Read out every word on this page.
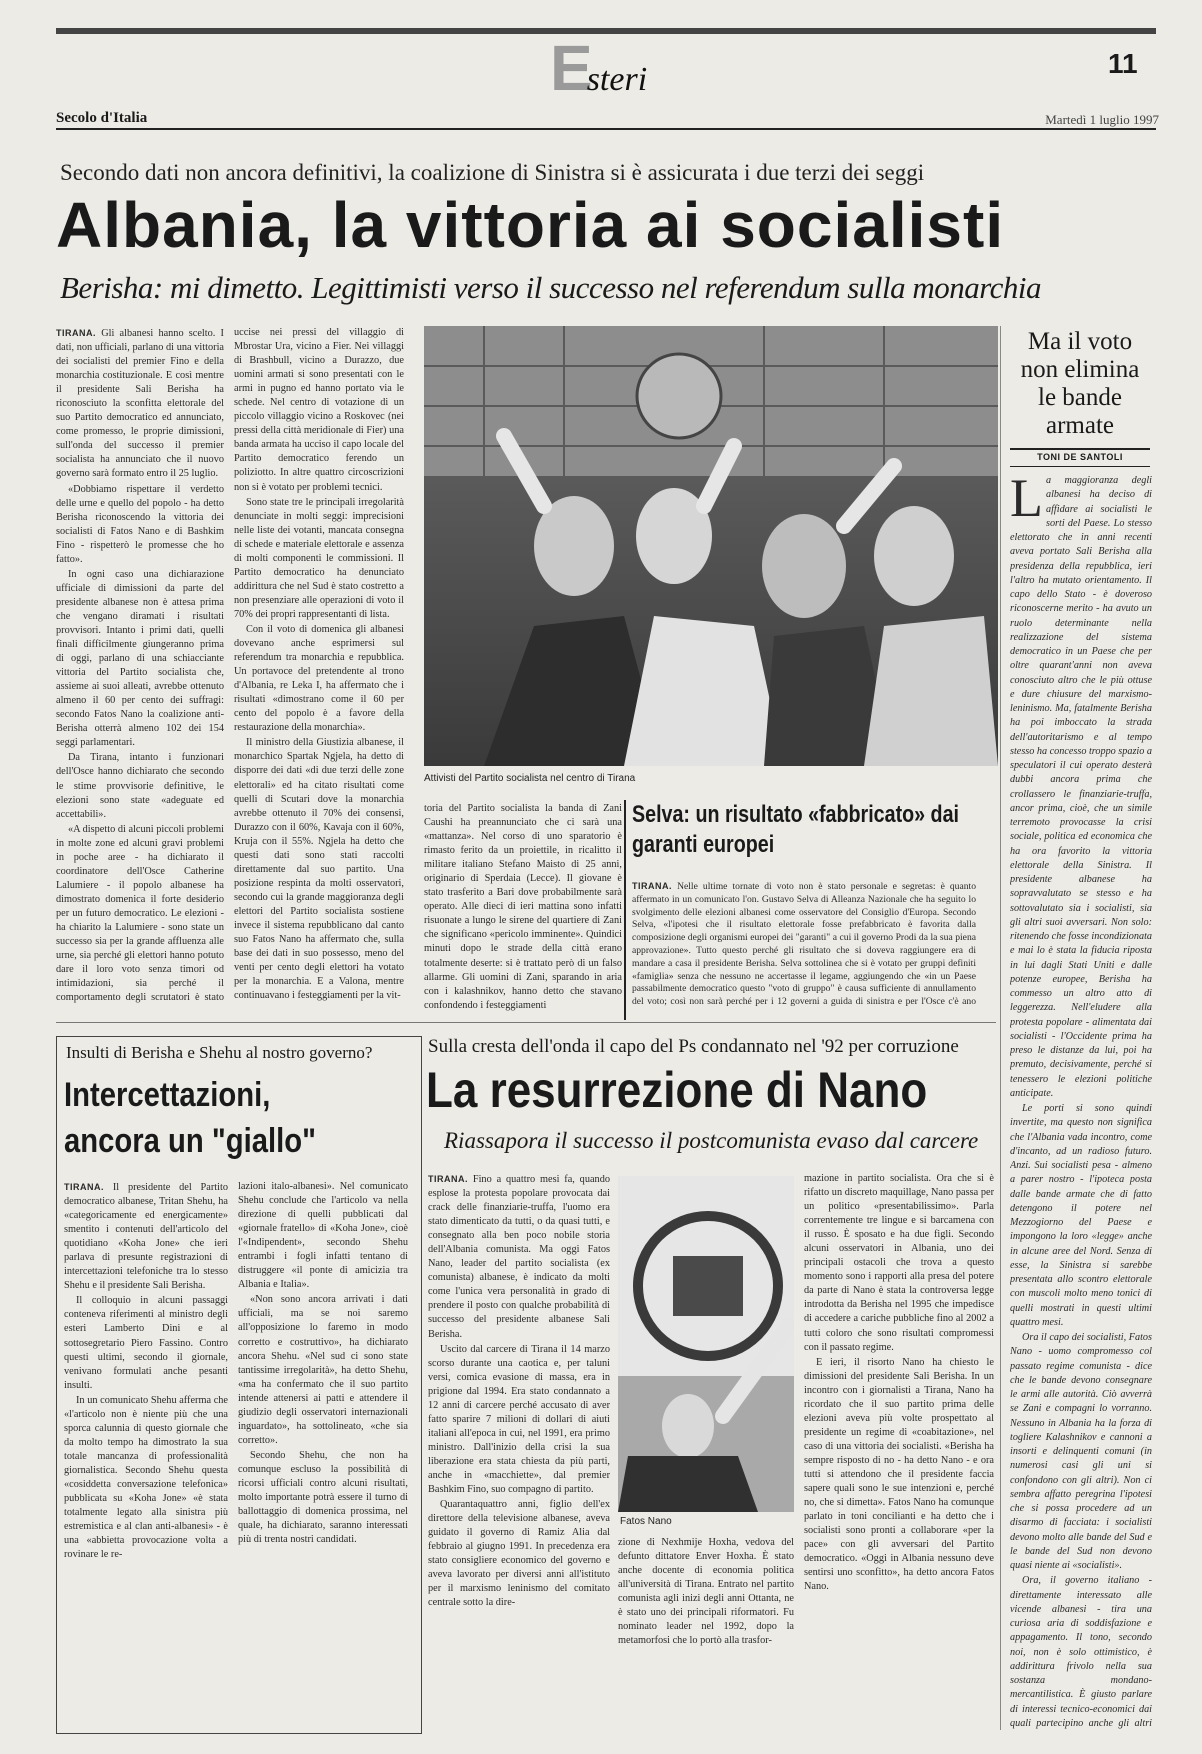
Esteri	11
Secolo d'Italia	Martedì 1 luglio 1997
Secondo dati non ancora definitivi, la coalizione di Sinistra si è assicurata i due terzi dei seggi
Albania, la vittoria ai socialisti
Berisha: mi dimetto. Legittimisti verso il successo nel referendum sulla monarchia

TIRANA. Gli albanesi hanno scelto. I dati, non ufficiali, parlano di una vittoria dei socialisti del premier Fino e della monarchia costituzionale. E così mentre il presidente Sali Berisha ha riconosciuto la sconfitta elettorale del suo Partito democratico ed annunciato, come promesso, le proprie dimissioni, sull'onda del successo il premier socialista ha annunciato che il nuovo governo sarà formato entro il 25 luglio.

«Dobbiamo rispettare il verdetto delle urne e quello del popolo - ha detto Berisha riconoscendo la vittoria dei socialisti di Fatos Nano e di Bashkim Fino - rispetterò le promesse che ho fatto».

In ogni caso una dichiarazione ufficiale di dimissioni da parte del presidente albanese non è attesa prima che vengano diramati i risultati provvisori. Intanto i primi dati, quelli finali difficilmente giungeranno prima di oggi, parlano di una schiacciante vittoria del Partito socialista che, assieme ai suoi alleati, avrebbe ottenuto almeno il 60 per cento dei suffragi: secondo Fatos Nano la coalizione anti-Berisha otterrà almeno 102 dei 154 seggi parlamentari.

Da Tirana, intanto i funzionari dell'Osce hanno dichiarato che secondo le stime provvisorie definitive, le elezioni sono state «adeguate ed accettabili».

«A dispetto di alcuni piccoli problemi in molte zone ed alcuni gravi problemi in poche aree - ha dichiarato il coordinatore dell'Osce Catherine Lalumiere - il popolo albanese ha dimostrato domenica il forte desiderio per un futuro democratico. Le elezioni - ha chiarito la Lalumiere - sono state un successo sia per la grande affluenza alle urne, sia perché gli elettori hanno potuto dare il loro voto senza timori od intimidazioni, sia perché il comportamento degli scrutatori è stato

uccise nei pressi del villaggio di Mbrostar Ura, vicino a Fier. Nei villaggi di Brashbull, vicino a Durazzo, due uomini armati si sono presentati con le armi in pugno ed hanno portato via le schede. Nel centro di votazione di un piccolo villaggio vicino a Roskovec (nei pressi della città meridionale di Fier) una banda armata ha ucciso il capo locale del Partito democratico ferendo un poliziotto. In altre quattro circoscrizioni non si è votato per problemi tecnici.

Sono state tre le principali irregolarità denunciate in molti seggi: imprecisioni nelle liste dei votanti, mancata consegna di schede e materiale elettorale e assenza di molti componenti le commissioni. Il Partito democratico ha denunciato addirittura che nel Sud è stato costretto a non presenziare alle operazioni di voto il 70% dei propri rappresentanti di lista.

Con il voto di domenica gli albanesi dovevano anche esprimersi sul referendum tra monarchia e repubblica. Un portavoce del pretendente al trono d'Albania, re Leka I, ha affermato che i risultati «dimostrano come il 60 per cento del popolo è a favore della restaurazione della monarchia».

Il ministro della Giustizia albanese, il monarchico Spartak Ngjela, ha detto di disporre dei dati «di due terzi delle zone elettorali» ed ha citato risultati come quelli di Scutari dove la monarchia avrebbe ottenuto il 70% dei consensi, Durazzo con il 60%, Kavaja con il 60%, Kruja con il 55%. Ngjela ha detto che questi dati sono stati raccolti direttamente dal suo partito. Una posizione respinta da molti osservatori, secondo cui la grande maggioranza degli elettori del Partito socialista sostiene invece il sistema repubblicano dal canto suo Fatos Nano ha affermato che, sulla base dei dati in suo possesso, meno del venti per cento degli elettori ha votato per la monarchia. E a Valona, mentre continuavano i festeggiamenti per la vit-

toria del Partito socialista la banda di Zani Caushi ha preannunciato che ci sarà una «mattanza». Nel corso di uno sparatorio è rimasto ferito da un proiettile, in ricalitto il militare italiano Stefano Maisto di 25 anni, originario di Sperdaia (Lecce). Il giovane è stato trasferito a Bari dove probabilmente sarà operato. Alle dieci di ieri mattina sono infatti risuonate a lungo le sirene del quartiere di Zani che significano «pericolo imminente». Quindici minuti dopo le strade della città erano totalmente deserte: si è trattato però di un falso allarme. Gli uomini di Zani, sparando in aria con i kalashnikov, hanno detto che stavano confondendo i festeggiamenti

Attivisti del Partito socialista nel centro di Tirana
Selva: un risultato «fabbricato» dai garanti europei

TIRANA. Nelle ultime tornate di voto non è stato personale e segretas: è quanto affermato in un comunicato l'on. Gustavo Selva di Alleanza Nazionale che ha seguito lo svolgimento delle elezioni albanesi come osservatore del Consiglio d'Europa. Secondo Selva, «l'ipotesi che il risultato elettorale fosse prefabbricato è favorita dalla composizione degli organismi europei dei "garanti" a cui il governo Prodi da la sua piena approvazione». Tutto questo perché gli risultato che si doveva raggiungere era di mandare a casa il presidente Berisha. Selva sottolinea che si è votato per gruppi definiti «famiglia» senza che nessuno ne accertasse il legame, aggiungendo che «in un Paese passabilmente democratico questo "voto di gruppo" è causa sufficiente di annullamento del voto; così non sarà perché per i 12 governi a guida di sinistra e per l'Osce c'è ano

Ma il voto non elimina le bande armate
TONI DE SANTOLI

La maggioranza degli albanesi ha deciso di affidare ai socialisti le sorti del Paese. Lo stesso elettorato che in anni recenti aveva portato Sali Berisha alla presidenza della repubblica, ieri l'altro ha mutato orientamento. Il capo dello Stato - è doveroso riconoscerne merito - ha avuto un ruolo determinante nella realizzazione del sistema democratico in un Paese che per oltre quarant'anni non aveva conosciuto altro che le più ottuse e dure chiusure del marxismo-leninismo. Ma, fatalmente Berisha ha poi imboccato la strada dell'autoritarismo e al tempo stesso ha concesso troppo spazio a speculatori il cui operato desterà dubbi ancora prima che crollassero le finanziarie-truffa, ancor prima, cioè, che un simile terremoto provocasse la crisi sociale, politica ed economica che ha ora favorito la vittoria elettorale della Sinistra. Il presidente albanese ha sopravvalutato se stesso e ha sottovalutato sia i socialisti, sia gli altri suoi avversari. Non solo: ritenendo che fosse incondizionata e mai lo è stata la fiducia riposta in lui dagli Stati Uniti e dalle potenze europee, Berisha ha commesso un altro atto di leggerezza. Nell'eludere alla protesta popolare - alimentata dai socialisti - l'Occidente prima ha preso le distanze da lui, poi ha premuto, decisivamente, perché si tenessero le elezioni politiche anticipate.

Le porti si sono quindi invertite, ma questo non significa che l'Albania vada incontro, come d'incanto, ad un radioso futuro. Anzi. Sui socialisti pesa - almeno a parer nostro - l'ipoteca posta dalle bande armate che di fatto detengono il potere nel Mezzogiorno del Paese e impongono la loro «legge» anche in alcune aree del Nord. Senza di esse, la Sinistra si sarebbe presentata allo scontro elettorale con muscoli molto meno tonici di quelli mostrati in questi ultimi quattro mesi.

Ora il capo dei socialisti, Fatos Nano - uomo compromesso col passato regime comunista - dice che le bande devono consegnare le armi alle autorità. Ciò avverrà se Zani e compagni lo vorranno. Nessuno in Albania ha la forza di togliere Kalashnikov e cannoni a insorti e delinquenti comuni (in numerosi casi gli uni si confondono con gli altri). Non ci sembra affatto peregrina l'ipotesi che si possa procedere ad un disarmo di facciata: i socialisti devono molto alle bande del Sud e le bande del Sud non devono quasi niente ai «socialisti».

Ora, il governo italiano - direttamente interessato alle vicende albanesi - tira una curiosa aria di soddisfazione e appagamento. Il tono, secondo noi, non è solo ottimistico, è addirittura frivolo nella sua sostanza mondano-mercantilistica. È giusto parlare di interessi tecnico-economici dai quali partecipino anche gli altri

Insulti di Berisha e Shehu al nostro governo?
Intercettazioni,
ancora un "giallo"

TIRANA. Il presidente del Partito democratico albanese, Tritan Shehu, ha «categoricamente ed energicamente» smentito i contenuti dell'articolo del quotidiano «Koha Jone» che ieri parlava di presunte registrazioni di intercettazioni telefoniche tra lo stesso Shehu e il presidente Sali Berisha.

Il colloquio in alcuni passaggi conteneva riferimenti al ministro degli esteri Lamberto Dini e al sottosegretario Piero Fassino. Contro questi ultimi, secondo il giornale, venivano formulati anche pesanti insulti.

In un comunicato Shehu afferma che «l'articolo non è niente più che una sporca calunnia di questo giornale che da molto tempo ha dimostrato la sua totale mancanza di professionalità giornalistica. Secondo Shehu questa «cosiddetta conversazione telefonica» pubblicata su «Koha Jone» «è stata totalmente legato alla sinistra più estremistica e al clan anti-albanesi» - è una «abbietta provocazione volta a rovinare le re-

lazioni italo-albanesi». Nel comunicato Shehu conclude che l'articolo va nella direzione di quelli pubblicati dal «giornale fratello» di «Koha Jone», cioè l'«Indipendent», secondo Shehu entrambi i fogli infatti tentano di distruggere «il ponte di amicizia tra Albania e Italia».

«Non sono ancora arrivati i dati ufficiali, ma se noi saremo all'opposizione lo faremo in modo corretto e costruttivo», ha dichiarato ancora Shehu. «Nel sud ci sono state tantissime irregolarità», ha detto Shehu, «ma ha confermato che il suo partito intende attenersi ai patti e attendere il giudizio degli osservatori internazionali inguardato», ha sottolineato, «che sia corretto».

Secondo Shehu, che non ha comunque escluso la possibilità di ricorsi ufficiali contro alcuni risultati, molto importante potrà essere il turno di ballottaggio di domenica prossima, nel quale, ha dichiarato, saranno interessati più di trenta nostri candidati.

Sulla cresta dell'onda il capo del Ps condannato nel '92 per corruzione
La resurrezione di Nano
Riassapora il successo il postcomunista evaso dal carcere

TIRANA. Fino a quattro mesi fa, quando esplose la protesta popolare provocata dai crack delle finanziarie-truffa, l'uomo era stato dimenticato da tutti, o da quasi tutti, e consegnato alla ben poco nobile storia dell'Albania comunista. Ma oggi Fatos Nano, leader del partito socialista (ex comunista) albanese, è indicato da molti come l'unica vera personalità in grado di prendere il posto con qualche probabilità di successo del presidente albanese Sali Berisha.

Uscito dal carcere di Tirana il 14 marzo scorso durante una caotica e, per taluni versi, comica evasione di massa, era in prigione dal 1994. Era stato condannato a 12 anni di carcere perché accusato di aver fatto sparire 7 milioni di dollari di aiuti italiani all'epoca in cui, nel 1991, era primo ministro. Dall'inizio della crisi la sua liberazione era stata chiesta da più parti, anche in «macchiette», dal premier Bashkim Fino, suo compagno di partito.

Quarantaquattro anni, figlio dell'ex direttore della televisione albanese, aveva guidato il governo di Ramiz Alia dal febbraio al giugno 1991. In precedenza era stato consigliere economico del governo e aveva lavorato per diversi anni all'istituto per il marxismo leninismo del comitato centrale sotto la dire-

Fatos Nano

zione di Nexhmije Hoxha, vedova del defunto dittatore Enver Hoxha. È stato anche docente di economia politica all'università di Tirana. Entrato nel partito comunista agli inizi degli anni Ottanta, ne è stato uno dei principali riformatori. Fu nominato leader nel 1992, dopo la metamorfosi che lo portò alla trasfor-

mazione in partito socialista. Ora che si è rifatto un discreto maquillage, Nano passa per un politico «presentabilissimo». Parla correntemente tre lingue e si barcamena con il russo. È sposato e ha due figli. Secondo alcuni osservatori in Albania, uno dei principali ostacoli che trova a questo momento sono i rapporti alla presa del potere da parte di Nano è stata la controversa legge introdotta da Berisha nel 1995 che impedisce di accedere a cariche pubbliche fino al 2002 a tutti coloro che sono risultati compromessi con il passato regime.

E ieri, il risorto Nano ha chiesto le dimissioni del presidente Sali Berisha. In un incontro con i giornalisti a Tirana, Nano ha ricordato che il suo partito prima delle elezioni aveva più volte prospettato al presidente un regime di «coabitazione», nel caso di una vittoria dei socialisti. «Berisha ha sempre risposto di no - ha detto Nano - e ora tutti si attendono che il presidente faccia sapere quali sono le sue intenzioni e, perché no, che si dimetta». Fatos Nano ha comunque parlato in toni concilianti e ha detto che i socialisti sono pronti a collaborare «per la pace» con gli avversari del Partito democratico. «Oggi in Albania nessuno deve sentirsi uno sconfitto», ha detto ancora Fatos Nano.
